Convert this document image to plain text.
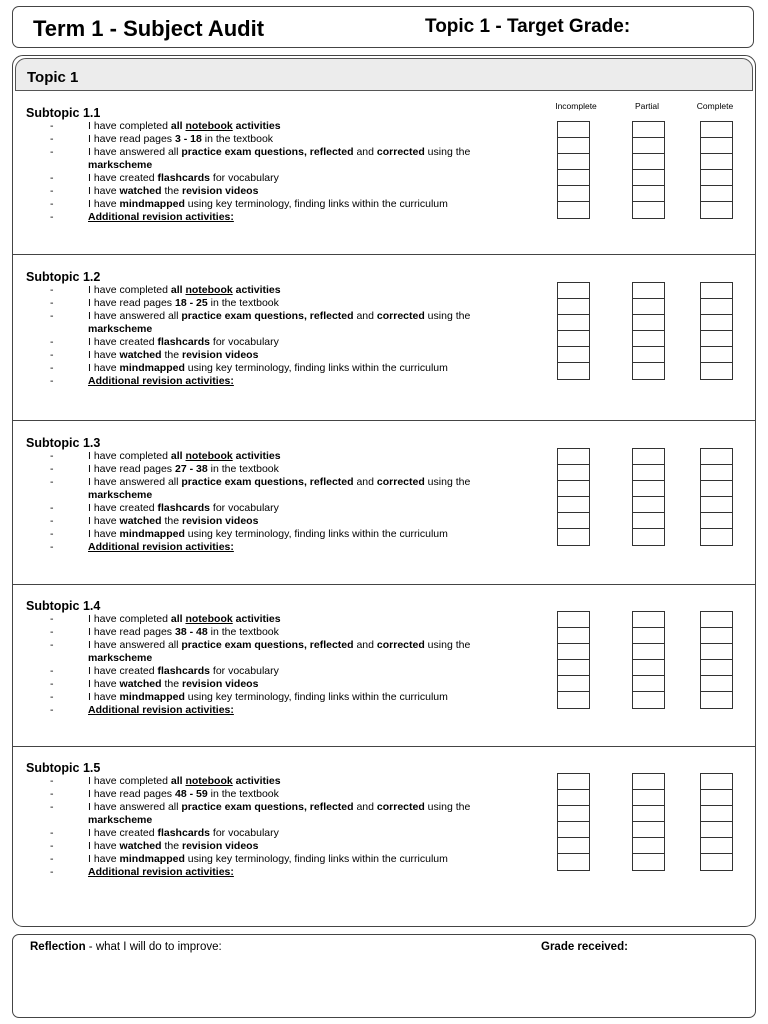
Term 1 - Subject Audit	Topic 1 - Target Grade:
Topic 1
Incomplete	Partial	Complete
Subtopic 1.1
-	I have completed all notebook activities
-	I have read pages 3 - 18 in the textbook
-	I have answered all practice exam questions, reflected and corrected using the markscheme
-	I have created flashcards for vocabulary
-	I have watched the revision videos
-	I have mindmapped using key terminology, finding links within the curriculum
-	Additional revision activities:
Subtopic 1.2
-	I have completed all notebook activities
-	I have read pages 18 - 25 in the textbook
-	I have answered all practice exam questions, reflected and corrected using the markscheme
-	I have created flashcards for vocabulary
-	I have watched the revision videos
-	I have mindmapped using key terminology, finding links within the curriculum
-	Additional revision activities:
Subtopic 1.3
-	I have completed all notebook activities
-	I have read pages 27 - 38 in the textbook
-	I have answered all practice exam questions, reflected and corrected using the markscheme
-	I have created flashcards for vocabulary
-	I have watched the revision videos
-	I have mindmapped using key terminology, finding links within the curriculum
-	Additional revision activities:
Subtopic 1.4
-	I have completed all notebook activities
-	I have read pages 38 - 48 in the textbook
-	I have answered all practice exam questions, reflected and corrected using the markscheme
-	I have created flashcards for vocabulary
-	I have watched the revision videos
-	I have mindmapped using key terminology, finding links within the curriculum
-	Additional revision activities:
Subtopic 1.5
-	I have completed all notebook activities
-	I have read pages 48 - 59 in the textbook
-	I have answered all practice exam questions, reflected and corrected using the markscheme
-	I have created flashcards for vocabulary
-	I have watched the revision videos
-	I have mindmapped using key terminology, finding links within the curriculum
-	Additional revision activities:
Reflection - what I will do to improve:	Grade received:
